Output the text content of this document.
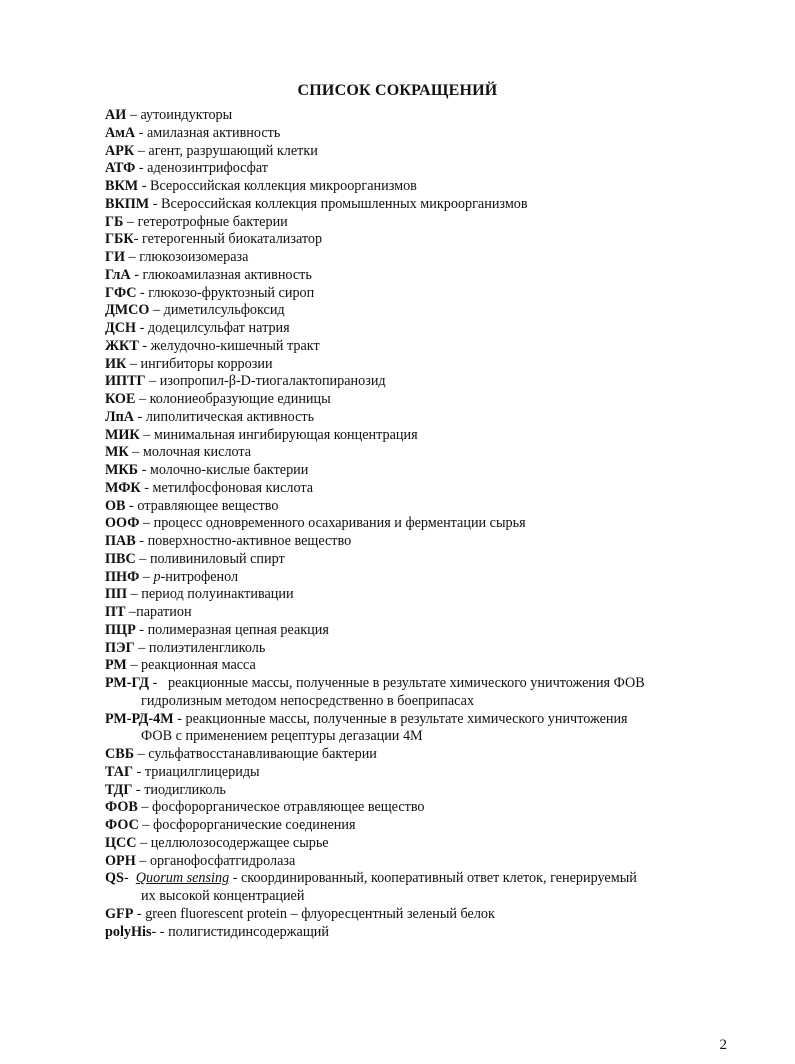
СПИСОК СОКРАЩЕНИЙ
АИ – аутоиндукторы
АмА - амилазная активность
АРК – агент, разрушающий клетки
АТФ - аденозинтрифосфат
ВКМ - Всероссийская коллекция микроорганизмов
ВКПМ - Всероссийская коллекция промышленных микроорганизмов
ГБ – гетеротрофные бактерии
ГБК- гетерогенный биокатализатор
ГИ – глюкозоизомераза
ГлА - глюкоамилазная активность
ГФС - глюкозо-фруктозный сироп
ДМСО – диметилсульфоксид
ДСН - додецилсульфат натрия
ЖКТ - желудочно-кишечный тракт
ИК – ингибиторы коррозии
ИПТГ – изопропил-β-D-тиогалактопиранозид
КОЕ – колониеобразующие единицы
ЛпА - липолитическая активность
МИК – минимальная ингибирующая концентрация
МК – молочная кислота
МКБ - молочно-кислые бактерии
МФК - метилфосфоновая кислота
ОВ - отравляющее вещество
ООФ – процесс одновременного осахаривания и ферментации сырья
ПАВ - поверхностно-активное вещество
ПВС – поливиниловый спирт
ПНФ – p-нитрофенол
ПП – период полуинактивации
ПТ –паратион
ПЦР - полимеразная цепная реакция
ПЭГ – полиэтиленгликоль
РМ – реакционная масса
РМ-ГД -   реакционные массы, полученные в результате химического уничтожения ФОВ
гидролизным методом непосредственно в боеприпасах
РМ-РД-4М - реакционные массы, полученные в результате химического уничтожения
ФОВ с применением рецептуры дегазации 4М
СВБ – сульфатвосстанавливающие бактерии
ТАГ - триацилглицериды
ТДГ - тиодигликоль
ФОВ – фосфорорганическое отравляющее вещество
ФОС – фосфорорганические соединения
ЦСС – целлюлозосодержащее сырье
OPH – органофосфатгидролаза
QS-  Quorum sensing - скоординированный, кооперативный ответ клеток, генерируемый
их высокой концентрацией
GFP - green fluorescent protein – флуоресцентный зеленый белок
polyHis- - полигистидинсодержащий
2
